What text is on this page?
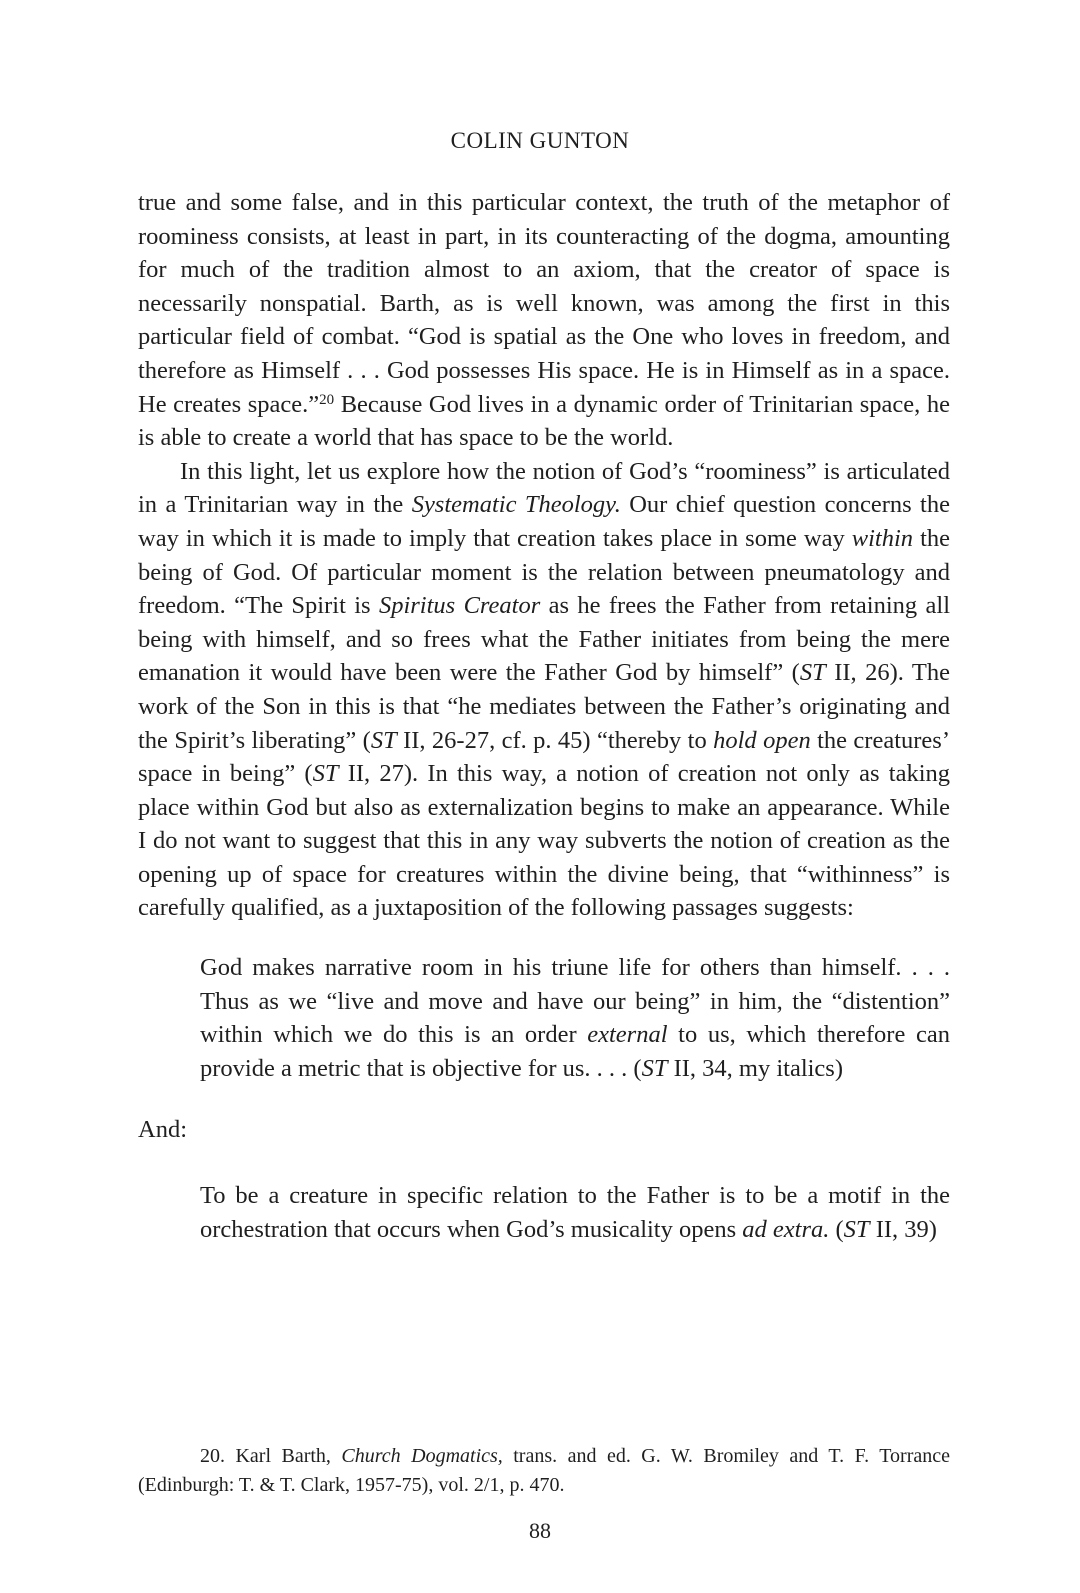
COLIN GUNTON

true and some false, and in this particular context, the truth of the metaphor of roominess consists, at least in part, in its counteracting of the dogma, amounting for much of the tradition almost to an axiom, that the creator of space is necessarily nonspatial. Barth, as is well known, was among the first in this particular field of combat. “God is spatial as the One who loves in freedom, and therefore as Himself . . . God possesses His space. He is in Himself as in a space. He creates space.”$^{20}$ Because God lives in a dynamic order of Trinitarian space, he is able to create a world that has space to be the world.

In this light, let us explore how the notion of God’s “roominess” is articulated in a Trinitarian way in the Systematic Theology. Our chief question concerns the way in which it is made to imply that creation takes place in some way within the being of God. Of particular moment is the relation between pneumatology and freedom. “The Spirit is Spiritus Creator as he frees the Father from retaining all being with himself, and so frees what the Father initiates from being the mere emanation it would have been were the Father God by himself” (ST II, 26). The work of the Son in this is that “he mediates between the Father’s originating and the Spirit’s liberating” (ST II, 26-27, cf. p. 45) “thereby to hold open the creatures’ space in being” (ST II, 27). In this way, a notion of creation not only as taking place within God but also as externalization begins to make an appearance. While I do not want to suggest that this in any way subverts the notion of creation as the opening up of space for creatures within the divine being, that “withinness” is carefully qualified, as a juxtaposition of the following passages suggests:

God makes narrative room in his triune life for others than himself. . . . Thus as we “live and move and have our being” in him, the “distention” within which we do this is an order external to us, which therefore can provide a metric that is objective for us. . . . (ST II, 34, my italics)

And:

To be a creature in specific relation to the Father is to be a motif in the orchestration that occurs when God’s musicality opens ad extra. (ST II, 39)

20. Karl Barth, Church Dogmatics, trans. and ed. G. W. Bromiley and T. F. Torrance (Edinburgh: T. & T. Clark, 1957-75), vol. 2/1, p. 470.

88
